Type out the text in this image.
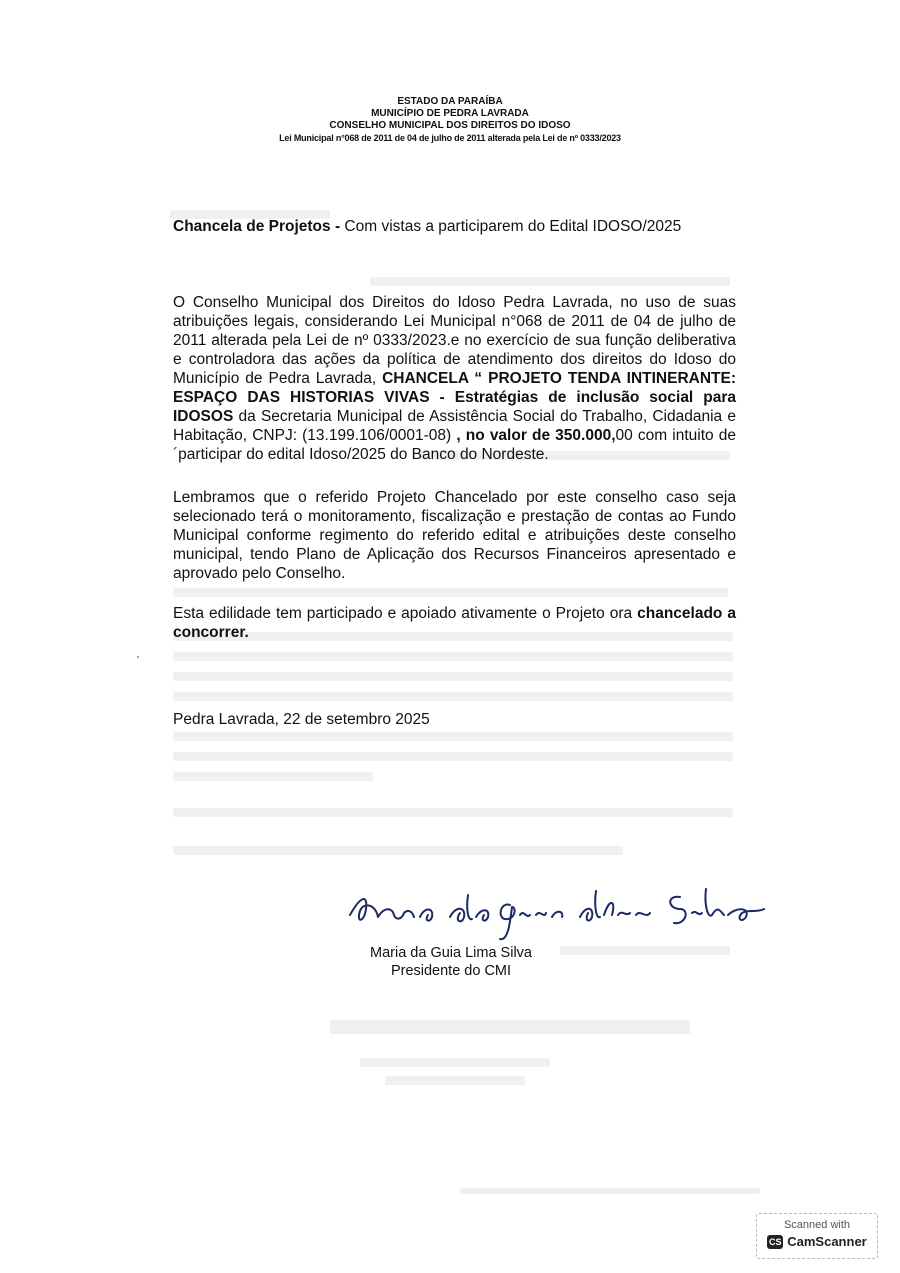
ESTADO DA PARAÍBA
MUNICÍPIO DE PEDRA LAVRADA
CONSELHO MUNICIPAL DOS DIREITOS DO IDOSO
Lei Municipal n°068 de 2011 de 04 de julho de 2011 alterada pela Lei de nº 0333/2023
Chancela de Projetos - Com vistas a participarem do Edital IDOSO/2025
O Conselho Municipal dos Direitos do Idoso Pedra Lavrada, no uso de suas atribuições legais, considerando Lei Municipal n°068 de 2011 de 04 de julho de 2011 alterada pela Lei de nº 0333/2023.e no exercício de sua função deliberativa e controladora das ações da política de atendimento dos direitos do Idoso do Município de Pedra Lavrada, CHANCELA “ PROJETO TENDA INTINERANTE: ESPAÇO DAS HISTORIAS VIVAS - Estratégias de inclusão social para IDOSOS da Secretaria Municipal de Assistência Social do Trabalho, Cidadania e Habitação, CNPJ: (13.199.106/0001-08) , no valor de 350.000,00 com intuito de ´participar do edital Idoso/2025 do Banco do Nordeste.
Lembramos que o referido Projeto Chancelado por este conselho caso seja selecionado terá o monitoramento, fiscalização e prestação de contas ao Fundo Municipal conforme regimento do referido edital e atribuições deste conselho municipal, tendo Plano de Aplicação dos Recursos Financeiros apresentado e aprovado pelo Conselho.
Esta edilidade tem participado e apoiado ativamente o Projeto ora chancelado a concorrer.
Pedra Lavrada, 22 de setembro 2025
Maria da Guia Lima Silva
Presidente do CMI
Scanned with
CS CamScanner
